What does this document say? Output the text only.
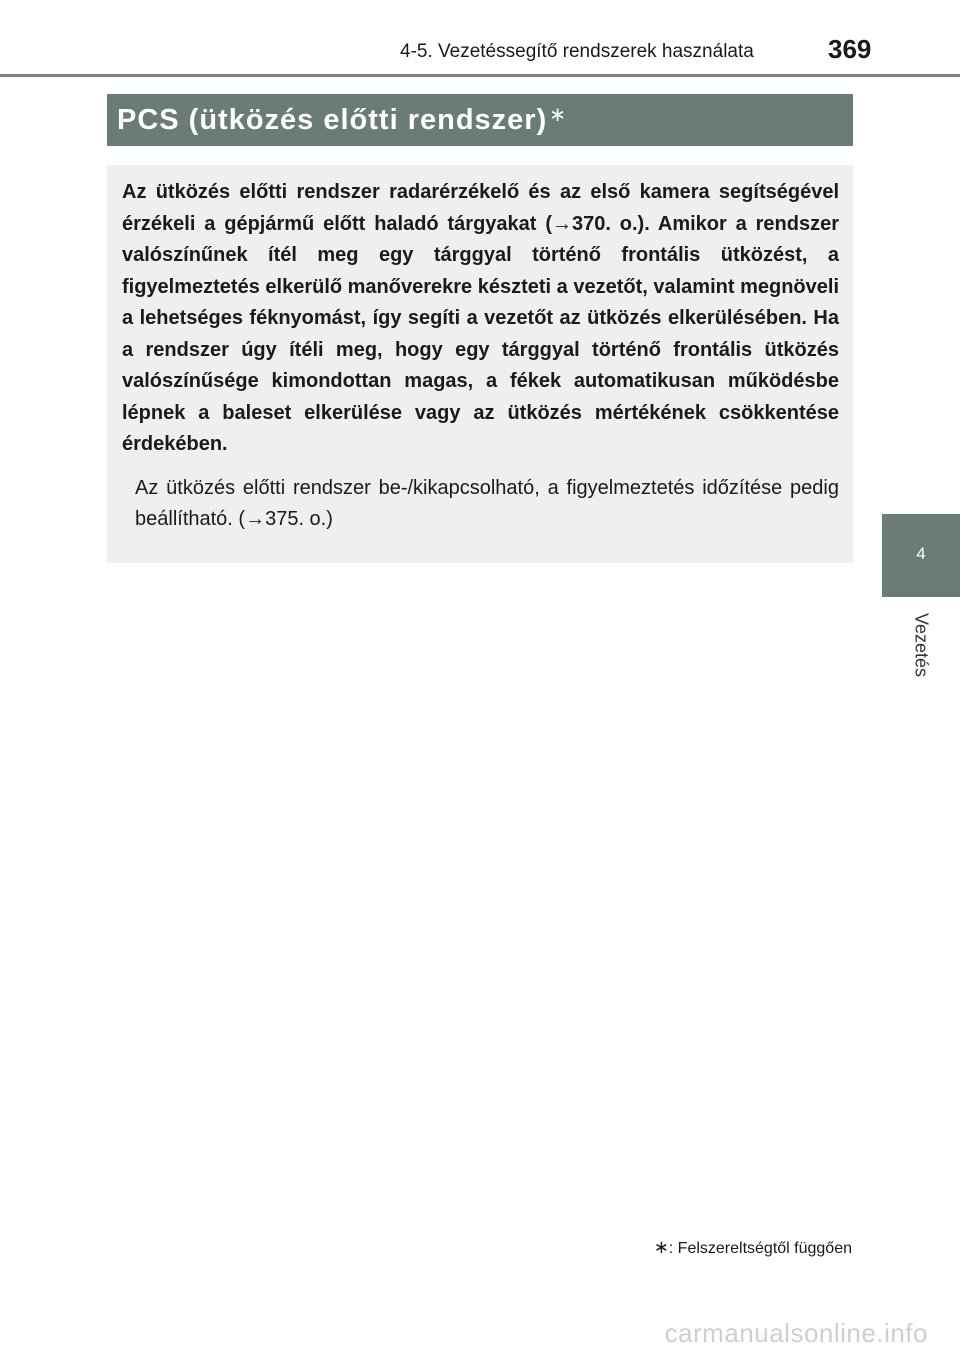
4-5. Vezetéssegítő rendszerek használata	369
PCS (ütközés előtti rendszer) ∗

Az ütközés előtti rendszer radarérzékelő és az első kamera segítségével érzékeli a gépjármű előtt haladó tárgyakat (→370. o.). Amikor a rendszer valószínűnek ítél meg egy tárggyal történő frontális ütközést, a figyelmeztetés elkerülő manőverekre készteti a vezetőt, valamint megnöveli a lehetséges féknyomást, így segíti a vezetőt az ütközés elkerülésében. Ha a rendszer úgy ítéli meg, hogy egy tárggyal történő frontális ütközés valószínűsége kimondottan magas, a fékek automatikusan működésbe lépnek a baleset elkerülése vagy az ütközés mértékének csökkentése érdekében.

Az ütközés előtti rendszer be-/kikapcsolható, a figyelmeztetés időzítése pedig beállítható. (→375. o.)

4
Vezetés
∗: Felszereltségtől függően
carmanualsonline.info
